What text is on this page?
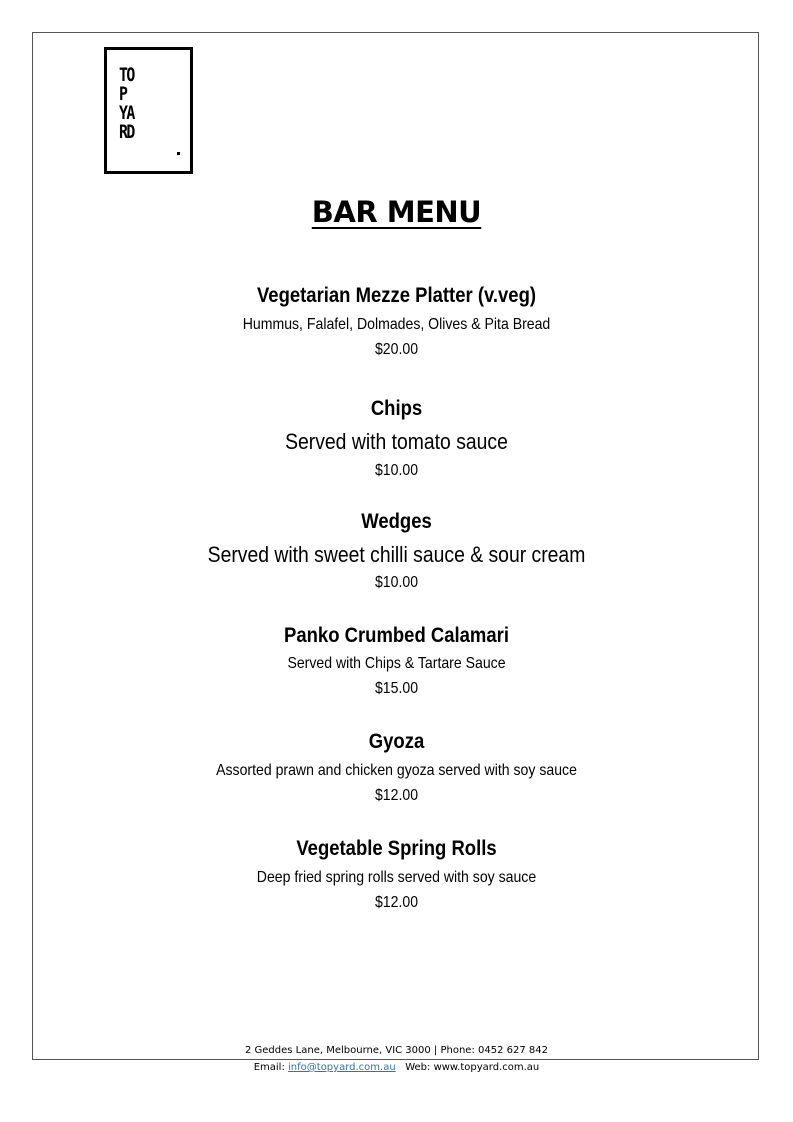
TO
P
YA
RD
BAR MENU
Vegetarian Mezze Platter (v.veg)
Hummus, Falafel, Dolmades, Olives & Pita Bread
$20.00
Chips
Served with tomato sauce
$10.00
Wedges
Served with sweet chilli sauce & sour cream
$10.00
Panko Crumbed Calamari
Served with Chips & Tartare Sauce
$15.00
Gyoza
Assorted prawn and chicken gyoza served with soy sauce
$12.00
Vegetable Spring Rolls
Deep fried spring rolls served with soy sauce
$12.00
2 Geddes Lane, Melbourne, VIC 3000 | Phone: 0452 627 842
Email: info@topyard.com.au Web: www.topyard.com.au
